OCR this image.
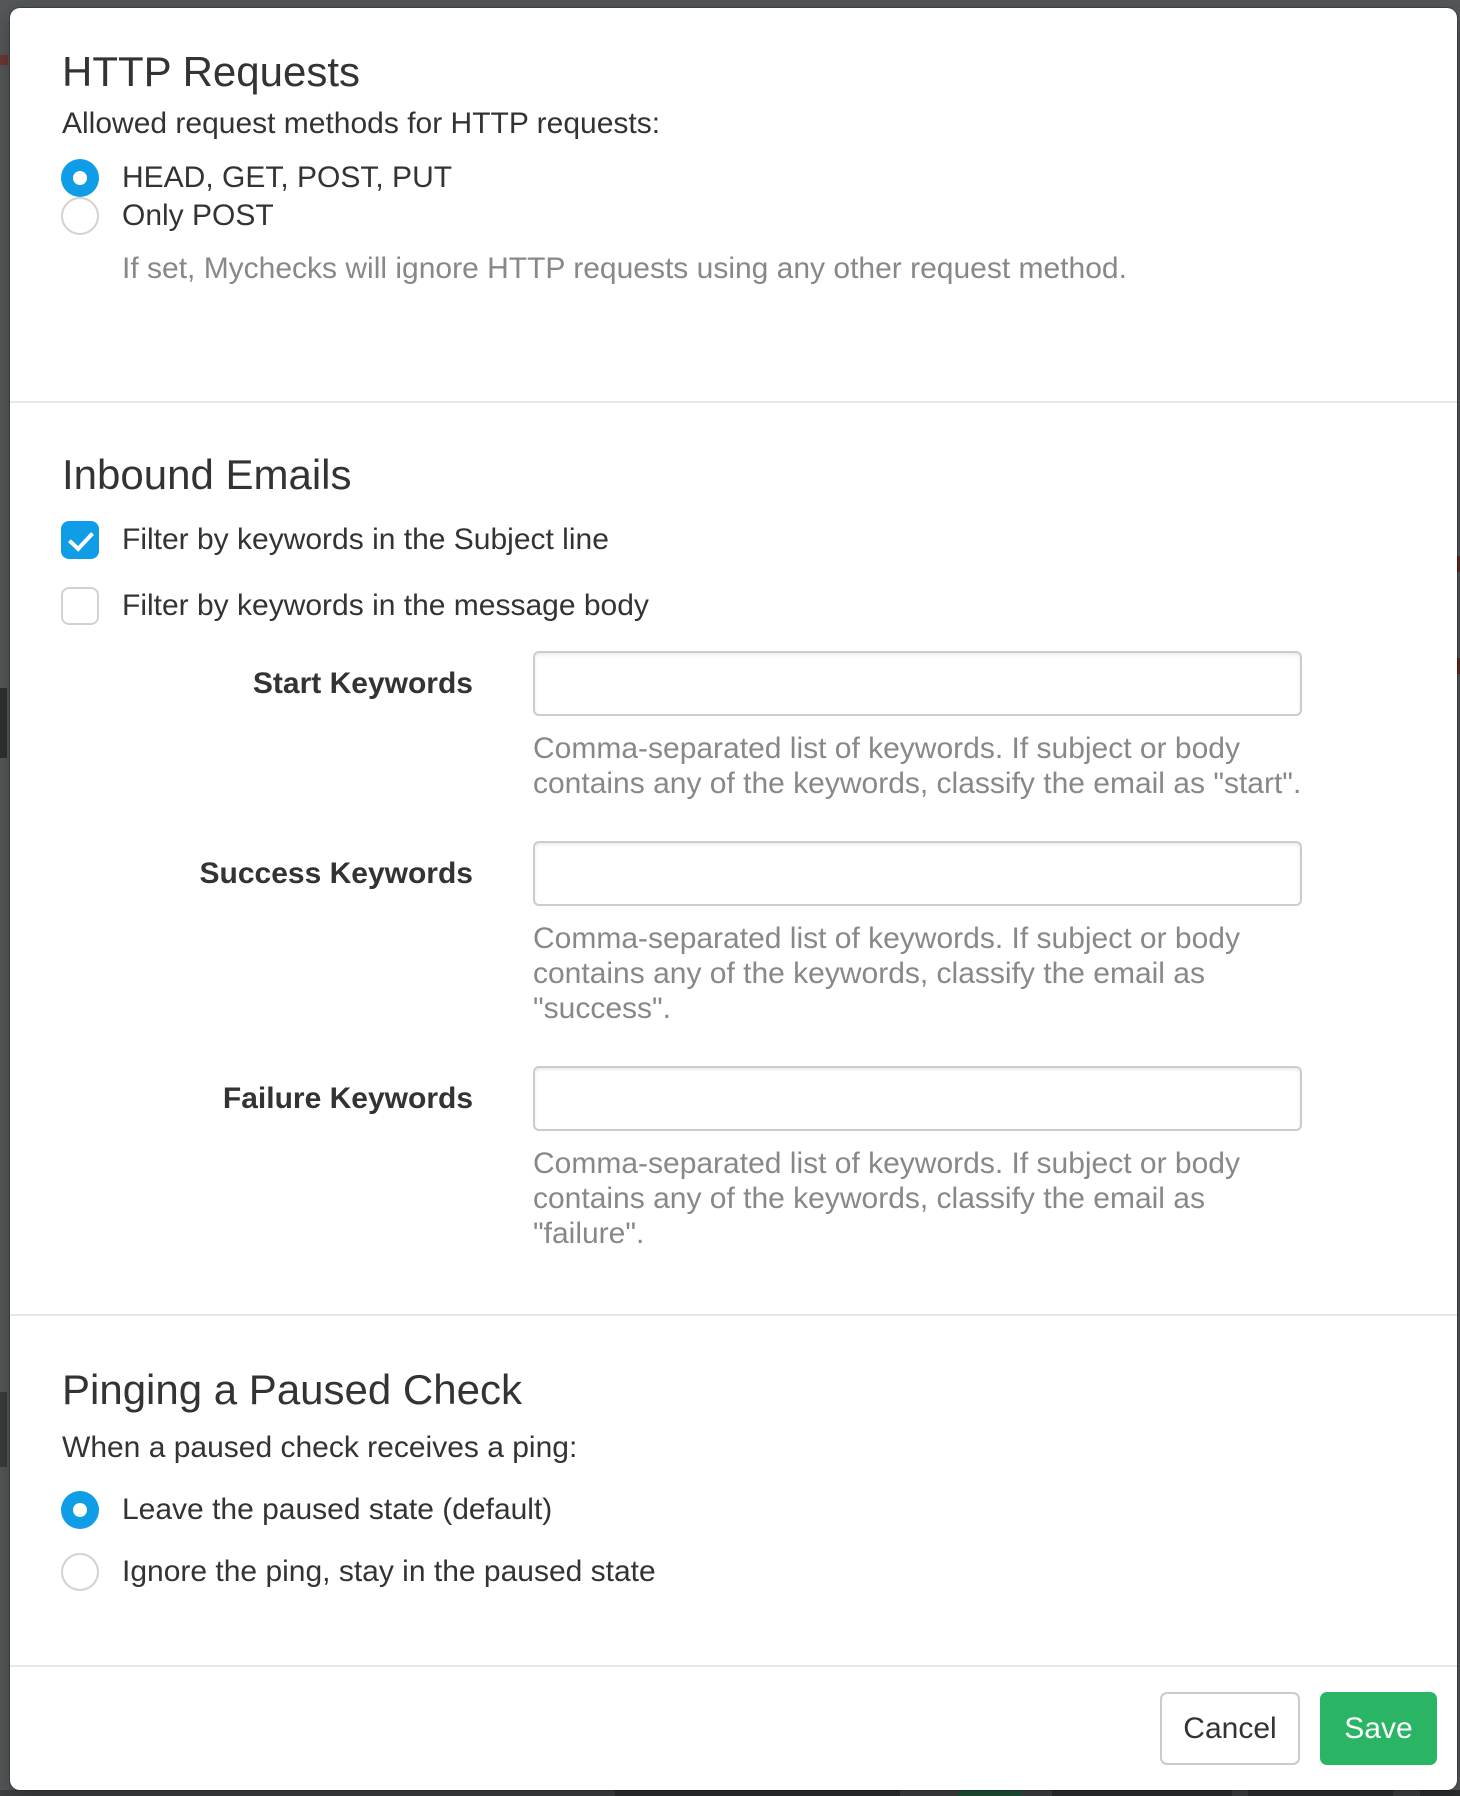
HTTP Requests
Allowed request methods for HTTP requests:
HEAD, GET, POST, PUT
Only POST
If set, Mychecks will ignore HTTP requests using any other request method.
Inbound Emails
Filter by keywords in the Subject line
Filter by keywords in the message body
Start Keywords
Comma-separated list of keywords. If subject or body
contains any of the keywords, classify the email as "start".
Success Keywords
Comma-separated list of keywords. If subject or body
contains any of the keywords, classify the email as "success".
Failure Keywords
Comma-separated list of keywords. If subject or body
contains any of the keywords, classify the email as "failure".
Pinging a Paused Check
When a paused check receives a ping:
Leave the paused state (default)
Ignore the ping, stay in the paused state
Cancel	Save
